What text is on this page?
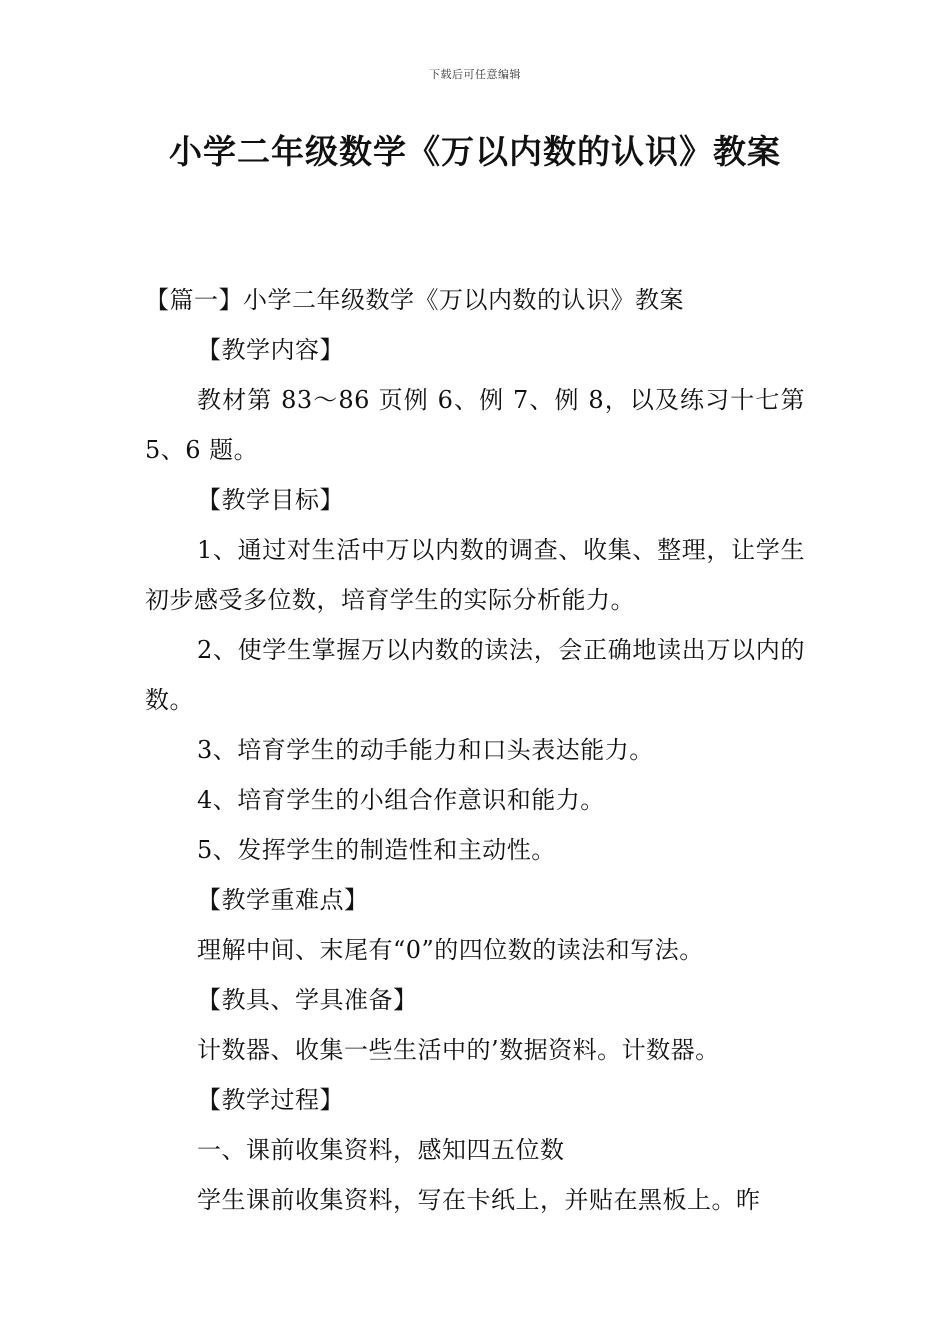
下载后可任意编辑
小学二年级数学《万以内数的认识》教案

【篇一】小学二年级数学《万以内数的认识》教案

【教学内容】

教材第 83～86 页例 6、例 7、例 8，以及练习十七第 5、6 题。

【教学目标】

1、通过对生活中万以内数的调查、收集、整理，让学生初步感受多位数，培育学生的实际分析能力。

2、使学生掌握万以内数的读法，会正确地读出万以内的数。

3、培育学生的动手能力和口头表达能力。

4、培育学生的小组合作意识和能力。

5、发挥学生的制造性和主动性。

【教学重难点】

理解中间、末尾有“0”的四位数的读法和写法。

【教具、学具准备】

计数器、收集一些生活中的’数据资料。计数器。

【教学过程】

一、课前收集资料，感知四五位数

学生课前收集资料，写在卡纸上，并贴在黑板上。昨
